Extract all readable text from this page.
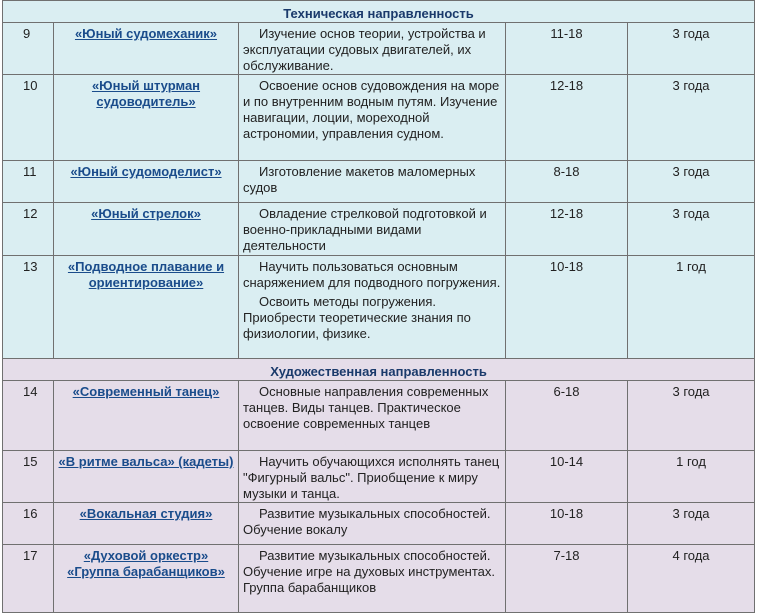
Техническая направленность				
9	«Юный судомеханик»	Изучение основ теории, устройства и эксплуатации судовых двигателей, их обслуживание.	11-18	3 года
10	«Юный штурман судоводитель»	Освоение основ судовождения на море и по внутренним водным путям. Изучение навигации, лоции, мореходной астрономии, управления судном.	12-18	3 года
11	«Юный судомоделист»	Изготовление макетов маломерных судов	8-18	3 года
12	«Юный стрелок»	Овладение стрелковой подготовкой и военно-прикладными видами деятельности	12-18	3 года
13	«Подводное плавание и ориентирование»	Научить пользоваться основным снаряжением для подводного погружения.
Освоить методы погружения. Приобрести теоретические знания по физиологии, физике.	10-18	1 год
Художественная направленность				
14	«Современный танец»	Основные направления современных танцев. Виды танцев. Практическое освоение современных танцев	6-18	3 года
15	«В ритме вальса» (кадеты)	Научить обучающихся исполнять танец "Фигурный вальс". Приобщение к миру музыки и танца.	10-14	1 год
16	«Вокальная студия»	Развитие музыкальных способностей. Обучение вокалу	10-18	3 года
17	«Духовой оркестр» «Группа барабанщиков»	Развитие музыкальных способностей. Обучение игре на духовых инструментах. Группа барабанщиков	7-18	4 года
